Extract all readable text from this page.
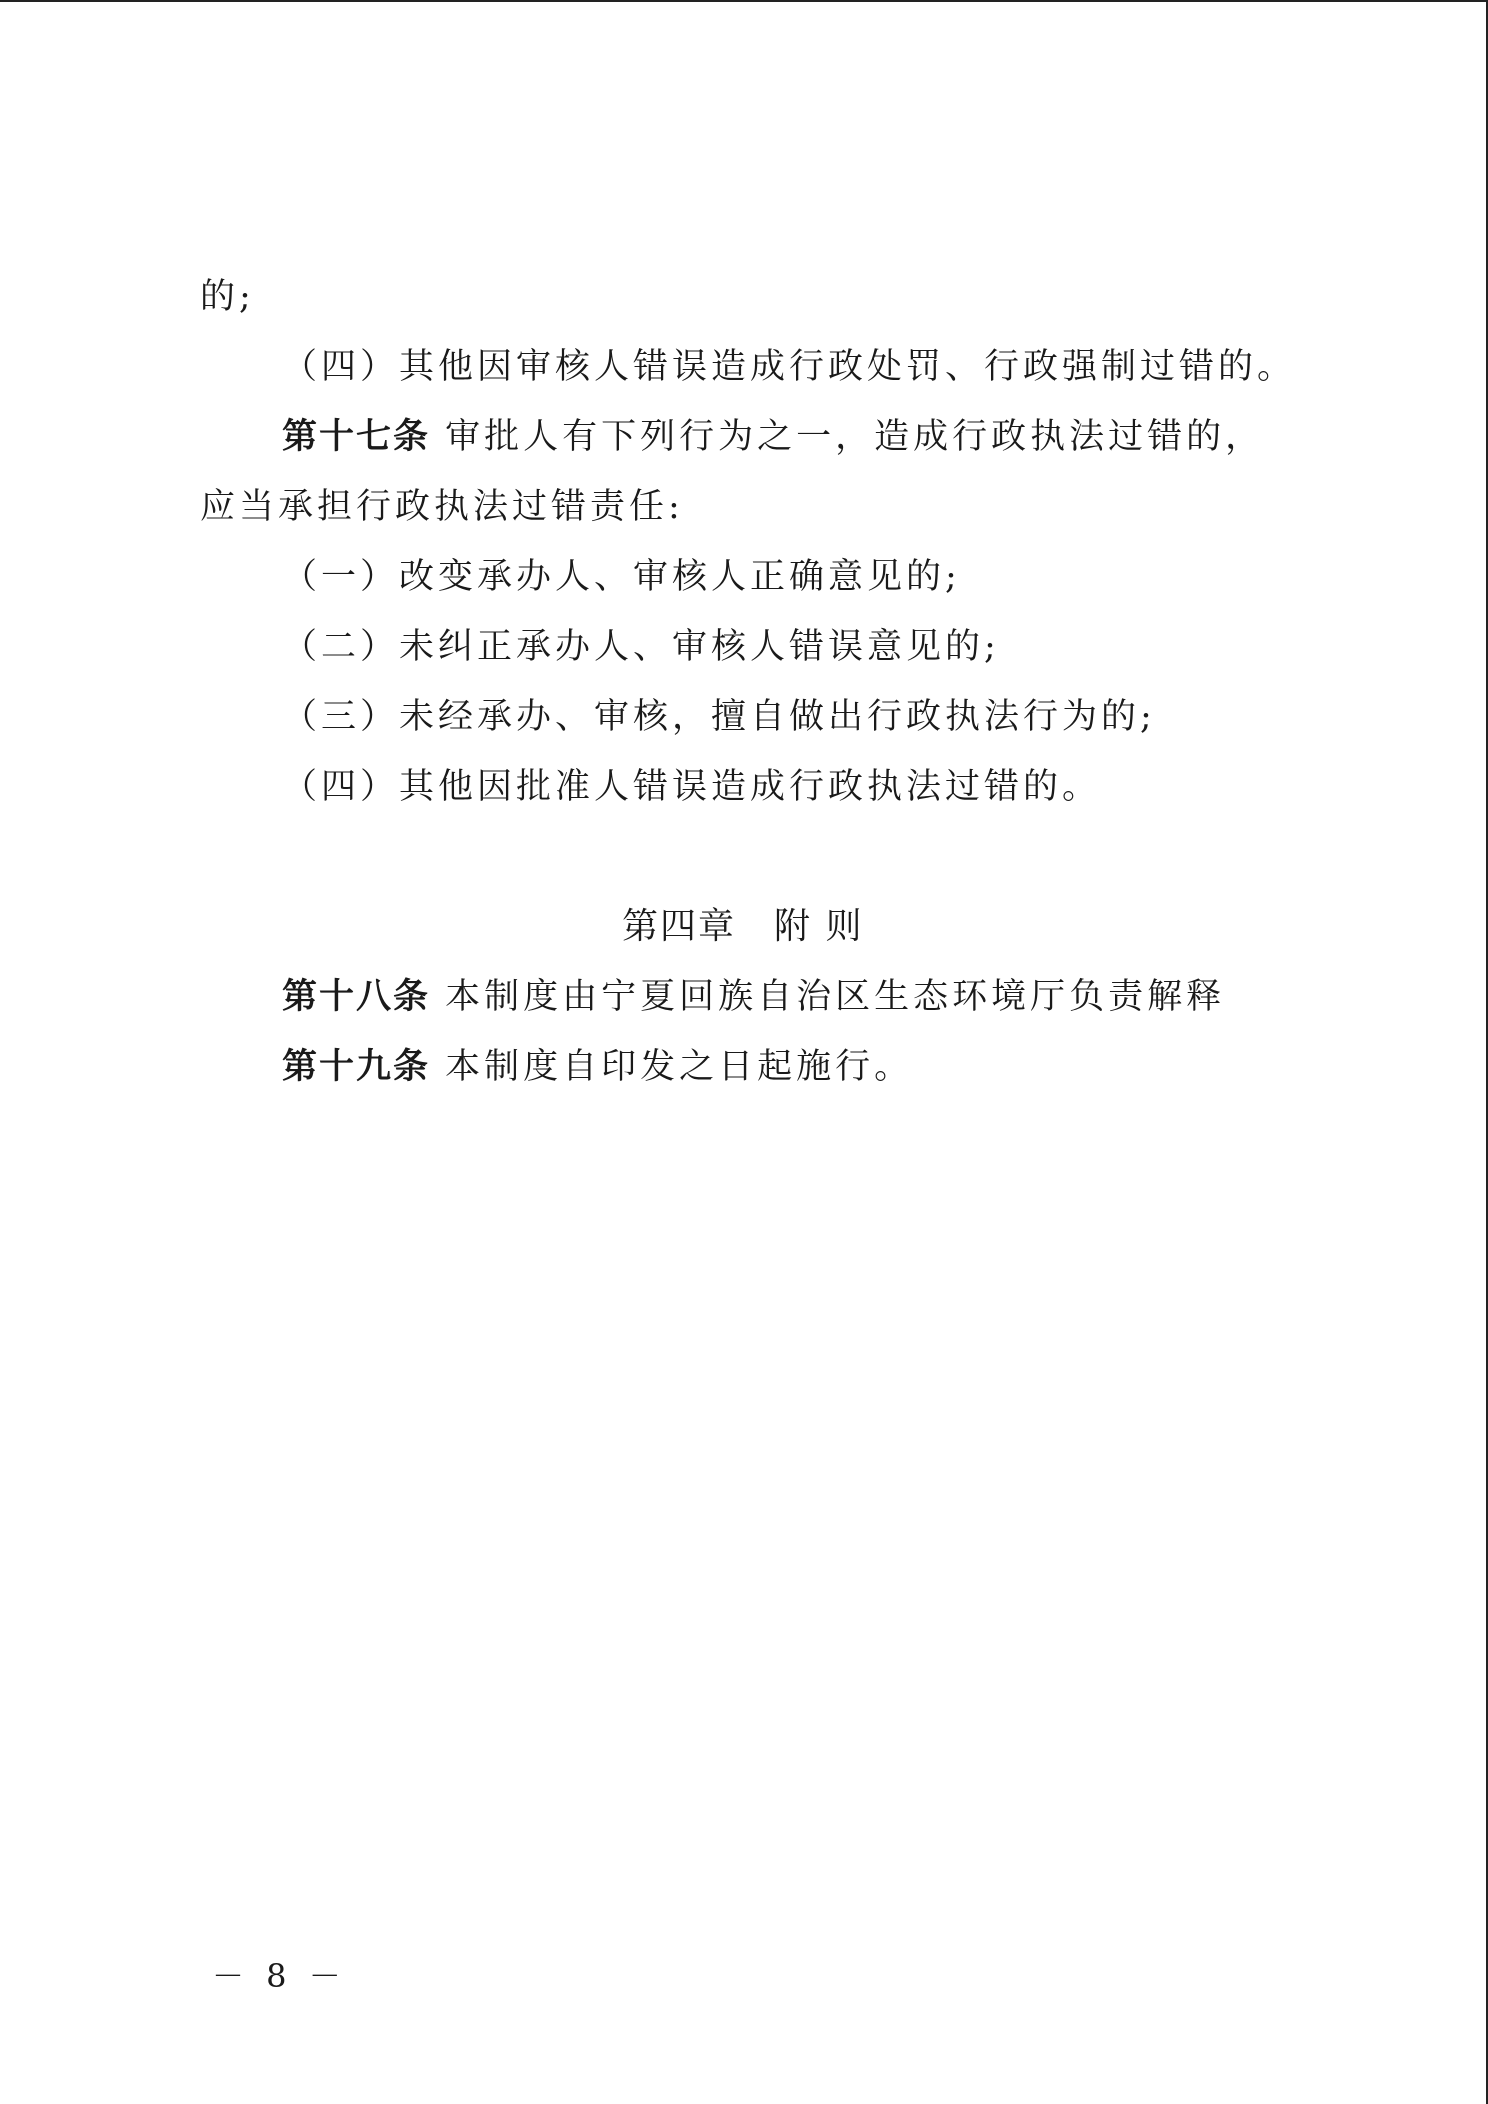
的;
（四）其他因审核人错误造成行政处罚、行政强制过错的。
第十七条 审批人有下列行为之一，造成行政执法过错的，
应当承担行政执法过错责任:
（一）改变承办人、审核人正确意见的;
（二）未纠正承办人、审核人错误意见的;
（三）未经承办、审核，擅自做出行政执法行为的;
（四）其他因批准人错误造成行政执法过错的。
第四章　附 则
第十八条 本制度由宁夏回族自治区生态环境厅负责解释
第十九条 本制度自印发之日起施行。
－ 8 －
